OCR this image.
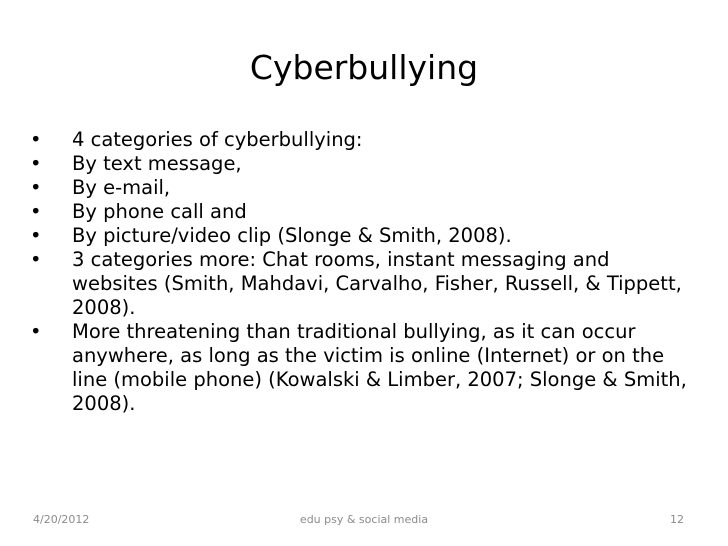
Cyberbullying
•	4 categories of cyberbullying:
•	By text message,
•	By e-mail,
•	By phone call and
•	By picture/video clip (Slonge & Smith, 2008).
•	3 categories more: Chat rooms, instant messaging and websites (Smith, Mahdavi, Carvalho, Fisher, Russell, & Tippett, 2008).
•	More threatening than traditional bullying, as it can occur anywhere, as long as the victim is online (Internet) or on the line (mobile phone) (Kowalski & Limber, 2007; Slonge & Smith, 2008).
4/20/2012	edu psy & social media	12
